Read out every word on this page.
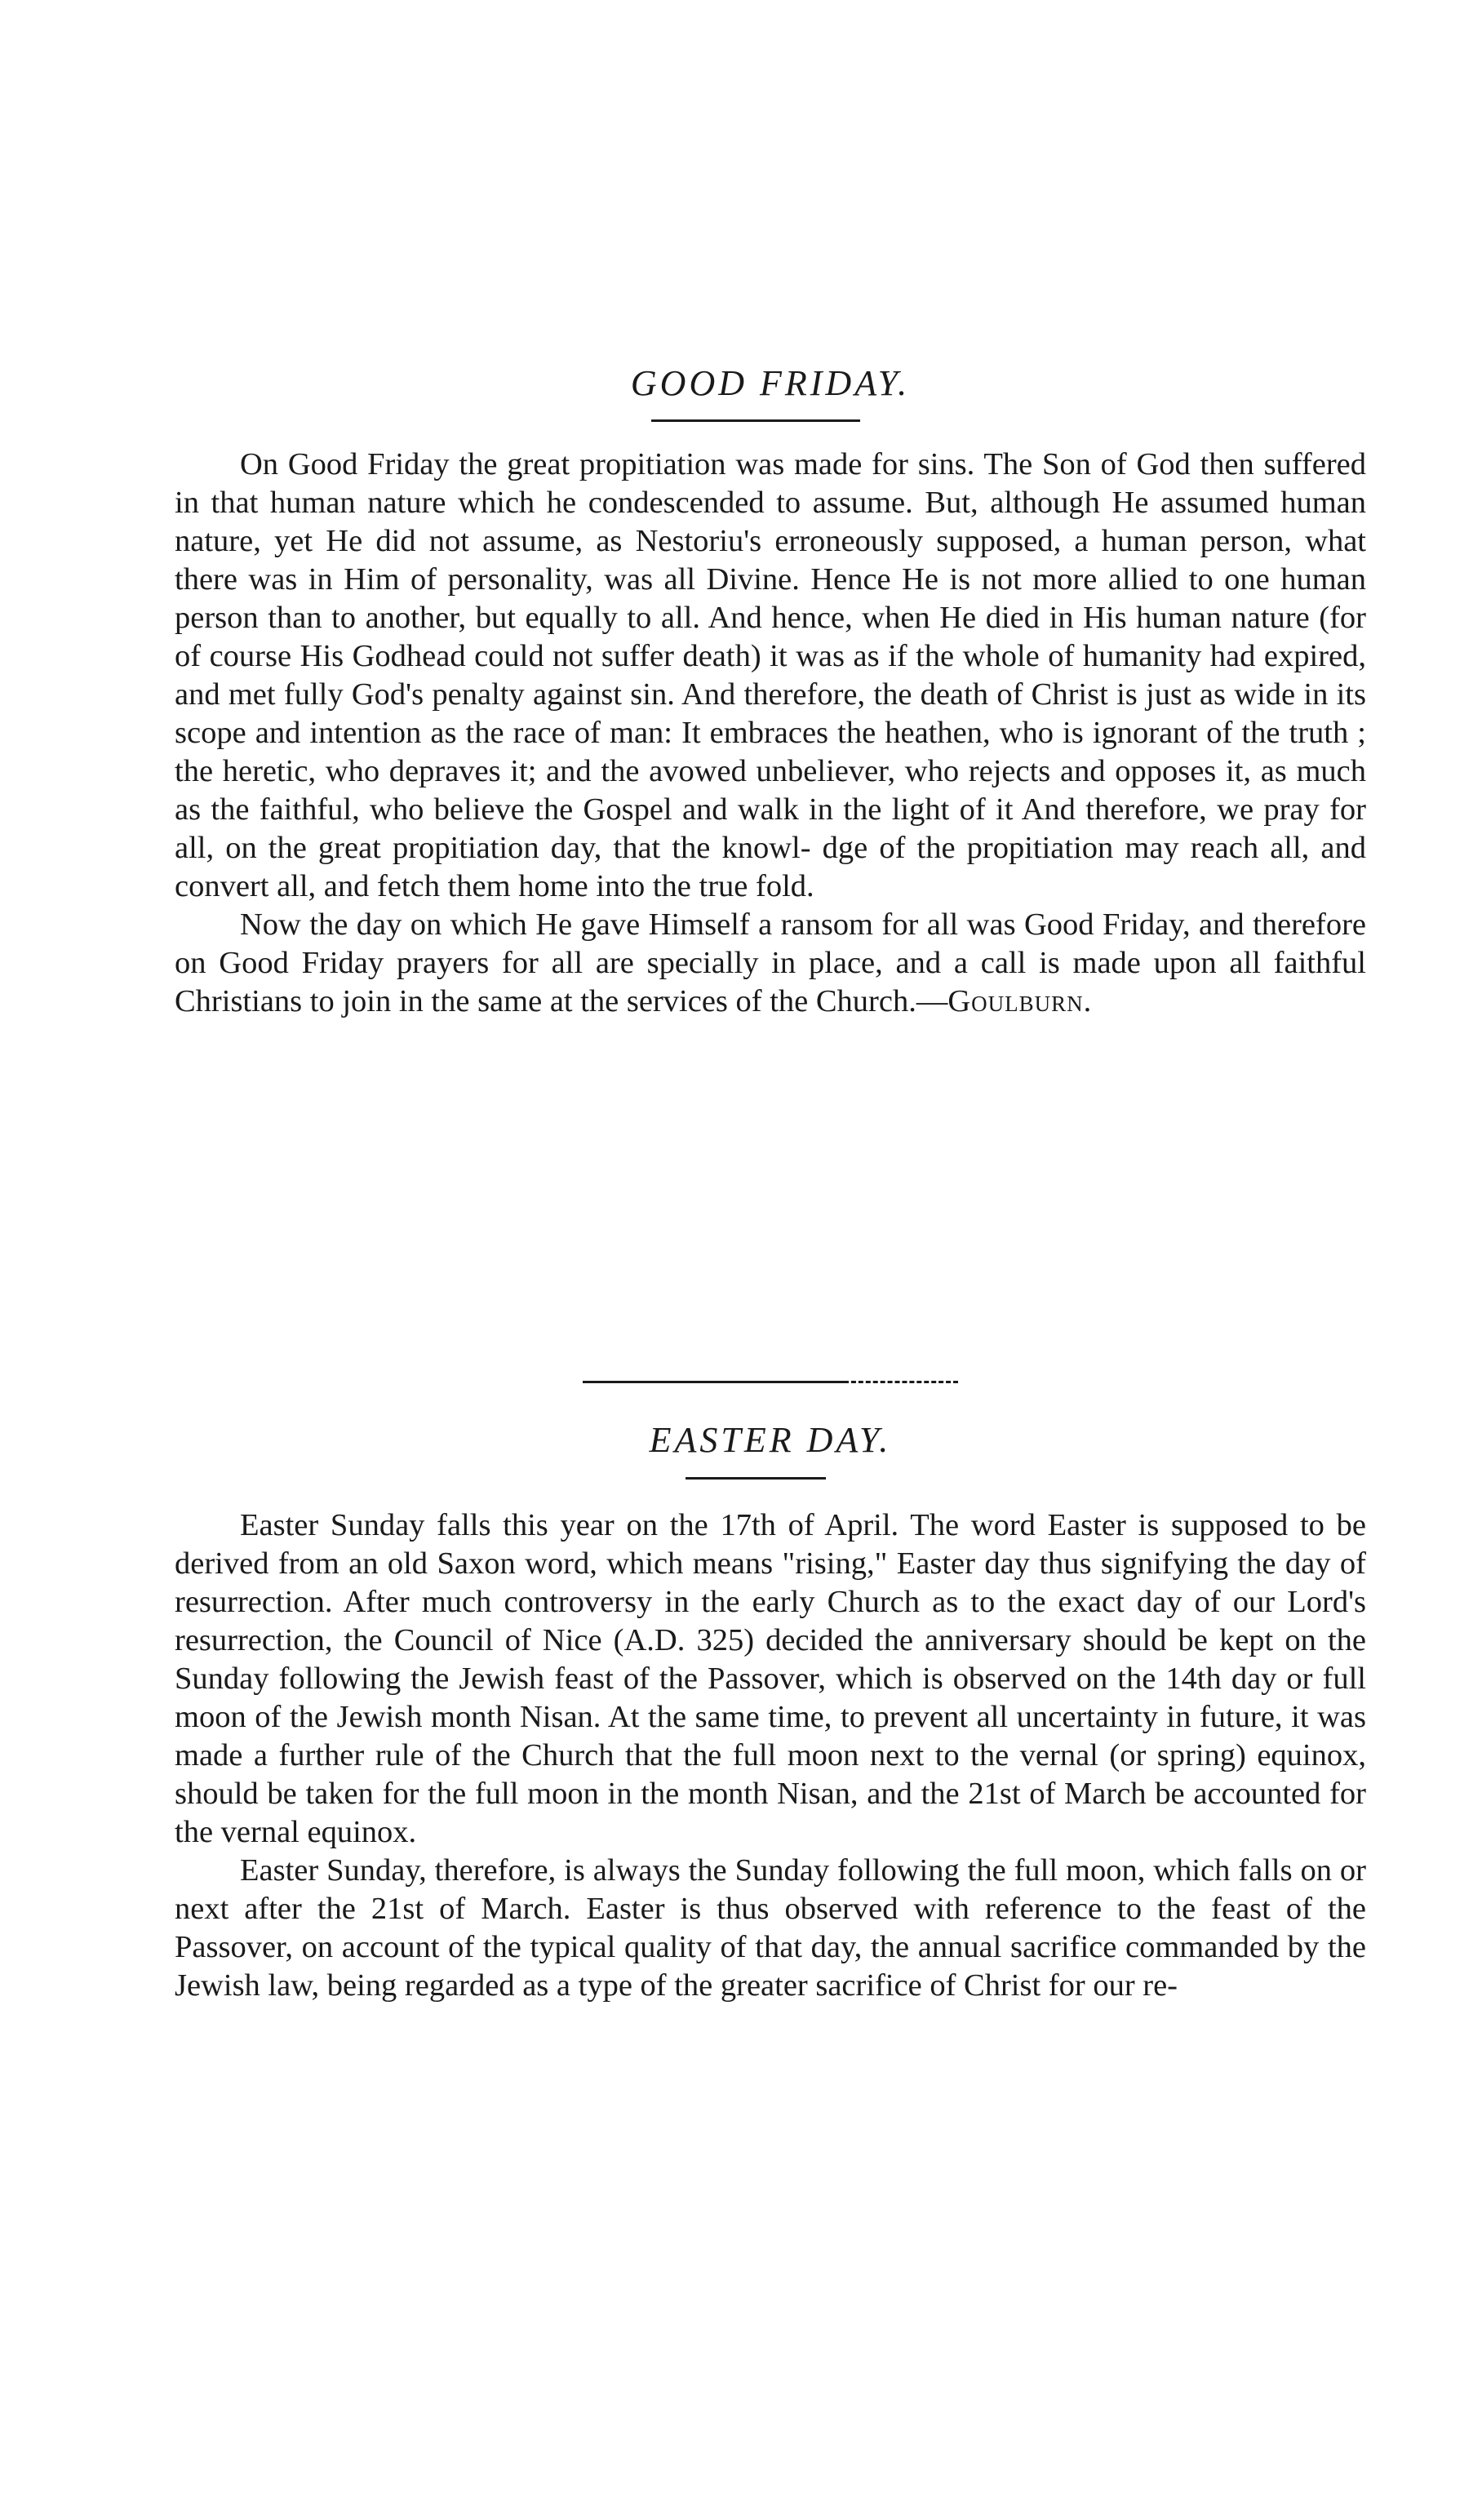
GOOD FRIDAY.

On Good Friday the great propitiation was made for sins. The Son of God then suffered in that human nature which he condescended to assume. But, although He assumed human nature, yet He did not assume, as Nestoriu's erroneously supposed, a human person, what there was in Him of personality, was all Divine. Hence He is not more allied to one human person than to another, but equally to all. And hence, when He died in His human nature (for of course His Godhead could not suffer death) it was as if the whole of humanity had expired, and met fully God's penalty against sin. And therefore, the death of Christ is just as wide in its scope and intention as the race of man: It embraces the heathen, who is ignorant of the truth ; the heretic, who depraves it; and the avowed unbeliever, who rejects and opposes it, as much as the faithful, who believe the Gospel and walk in the light of it And therefore, we pray for all, on the great propitiation day, that the knowl- dge of the propitiation may reach all, and convert all, and fetch them home into the true fold.

Now the day on which He gave Himself a ransom for all was Good Friday, and therefore on Good Friday prayers for all are specially in place, and a call is made upon all faithful Christians to join in the same at the services of the Church.—Goulburn.

EASTER DAY.

Easter Sunday falls this year on the 17th of April. The word Easter is supposed to be derived from an old Saxon word, which means "rising," Easter day thus signifying the day of resurrection. After much controversy in the early Church as to the exact day of our Lord's resurrection, the Council of Nice (A.D. 325) decided the anniversary should be kept on the Sunday following the Jewish feast of the Passover, which is observed on the 14th day or full moon of the Jewish month Nisan. At the same time, to prevent all uncertainty in future, it was made a further rule of the Church that the full moon next to the vernal (or spring) equinox, should be taken for the full moon in the month Nisan, and the 21st of March be accounted for the vernal equinox.

Easter Sunday, therefore, is always the Sunday following the full moon, which falls on or next after the 21st of March. Easter is thus observed with reference to the feast of the Passover, on account of the typical quality of that day, the annual sacrifice commanded by the Jewish law, being regarded as a type of the greater sacrifice of Christ for our re-
